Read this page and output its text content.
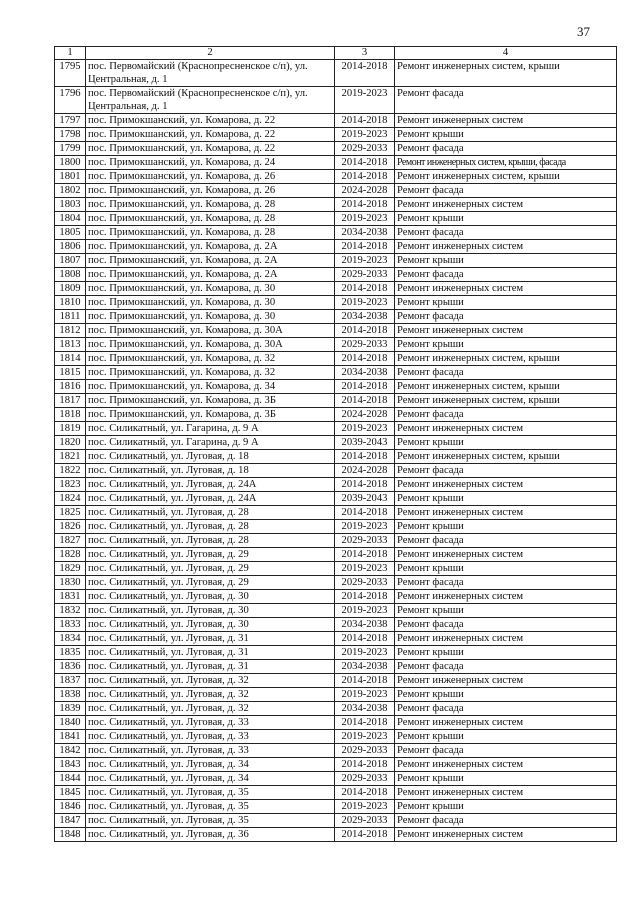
37
1	2	3	4
1795	пос. Первомайский (Краснопресненское с/п), ул. Центральная, д. 1	2014-2018	Ремонт инженерных систем, крыши
1796	пос. Первомайский (Краснопресненское с/п), ул. Центральная, д. 1	2019-2023	Ремонт фасада
1797	пос. Примокшанский, ул. Комарова, д. 22	2014-2018	Ремонт инженерных систем
1798	пос. Примокшанский, ул. Комарова, д. 22	2019-2023	Ремонт крыши
1799	пос. Примокшанский, ул. Комарова, д. 22	2029-2033	Ремонт фасада
1800	пос. Примокшанский, ул. Комарова, д. 24	2014-2018	Ремонт инженерных систем, крыши, фасада
1801	пос. Примокшанский, ул. Комарова, д. 26	2014-2018	Ремонт инженерных систем, крыши
1802	пос. Примокшанский, ул. Комарова, д. 26	2024-2028	Ремонт фасада
1803	пос. Примокшанский, ул. Комарова, д. 28	2014-2018	Ремонт инженерных систем
1804	пос. Примокшанский, ул. Комарова, д. 28	2019-2023	Ремонт крыши
1805	пос. Примокшанский, ул. Комарова, д. 28	2034-2038	Ремонт фасада
1806	пос. Примокшанский, ул. Комарова, д. 2А	2014-2018	Ремонт инженерных систем
1807	пос. Примокшанский, ул. Комарова, д. 2А	2019-2023	Ремонт крыши
1808	пос. Примокшанский, ул. Комарова, д. 2А	2029-2033	Ремонт фасада
1809	пос. Примокшанский, ул. Комарова, д. 30	2014-2018	Ремонт инженерных систем
1810	пос. Примокшанский, ул. Комарова, д. 30	2019-2023	Ремонт крыши
1811	пос. Примокшанский, ул. Комарова, д. 30	2034-2038	Ремонт фасада
1812	пос. Примокшанский, ул. Комарова, д. 30А	2014-2018	Ремонт инженерных систем
1813	пос. Примокшанский, ул. Комарова, д. 30А	2029-2033	Ремонт крыши
1814	пос. Примокшанский, ул. Комарова, д. 32	2014-2018	Ремонт инженерных систем, крыши
1815	пос. Примокшанский, ул. Комарова, д. 32	2034-2038	Ремонт фасада
1816	пос. Примокшанский, ул. Комарова, д. 34	2014-2018	Ремонт инженерных систем, крыши
1817	пос. Примокшанский, ул. Комарова, д. 3Б	2014-2018	Ремонт инженерных систем, крыши
1818	пос. Примокшанский, ул. Комарова, д. 3Б	2024-2028	Ремонт фасада
1819	пос. Силикатный, ул. Гагарина, д. 9 А	2019-2023	Ремонт инженерных систем
1820	пос. Силикатный, ул. Гагарина, д. 9 А	2039-2043	Ремонт крыши
1821	пос. Силикатный, ул. Луговая, д. 18	2014-2018	Ремонт инженерных систем, крыши
1822	пос. Силикатный, ул. Луговая, д. 18	2024-2028	Ремонт фасада
1823	пос. Силикатный, ул. Луговая, д. 24А	2014-2018	Ремонт инженерных систем
1824	пос. Силикатный, ул. Луговая, д. 24А	2039-2043	Ремонт крыши
1825	пос. Силикатный, ул. Луговая, д. 28	2014-2018	Ремонт инженерных систем
1826	пос. Силикатный, ул. Луговая, д. 28	2019-2023	Ремонт крыши
1827	пос. Силикатный, ул. Луговая, д. 28	2029-2033	Ремонт фасада
1828	пос. Силикатный, ул. Луговая, д. 29	2014-2018	Ремонт инженерных систем
1829	пос. Силикатный, ул. Луговая, д. 29	2019-2023	Ремонт крыши
1830	пос. Силикатный, ул. Луговая, д. 29	2029-2033	Ремонт фасада
1831	пос. Силикатный, ул. Луговая, д. 30	2014-2018	Ремонт инженерных систем
1832	пос. Силикатный, ул. Луговая, д. 30	2019-2023	Ремонт крыши
1833	пос. Силикатный, ул. Луговая, д. 30	2034-2038	Ремонт фасада
1834	пос. Силикатный, ул. Луговая, д. 31	2014-2018	Ремонт инженерных систем
1835	пос. Силикатный, ул. Луговая, д. 31	2019-2023	Ремонт крыши
1836	пос. Силикатный, ул. Луговая, д. 31	2034-2038	Ремонт фасада
1837	пос. Силикатный, ул. Луговая, д. 32	2014-2018	Ремонт инженерных систем
1838	пос. Силикатный, ул. Луговая, д. 32	2019-2023	Ремонт крыши
1839	пос. Силикатный, ул. Луговая, д. 32	2034-2038	Ремонт фасада
1840	пос. Силикатный, ул. Луговая, д. 33	2014-2018	Ремонт инженерных систем
1841	пос. Силикатный, ул. Луговая, д. 33	2019-2023	Ремонт крыши
1842	пос. Силикатный, ул. Луговая, д. 33	2029-2033	Ремонт фасада
1843	пос. Силикатный, ул. Луговая, д. 34	2014-2018	Ремонт инженерных систем
1844	пос. Силикатный, ул. Луговая, д. 34	2029-2033	Ремонт крыши
1845	пос. Силикатный, ул. Луговая, д. 35	2014-2018	Ремонт инженерных систем
1846	пос. Силикатный, ул. Луговая, д. 35	2019-2023	Ремонт крыши
1847	пос. Силикатный, ул. Луговая, д. 35	2029-2033	Ремонт фасада
1848	пос. Силикатный, ул. Луговая, д. 36	2014-2018	Ремонт инженерных систем
